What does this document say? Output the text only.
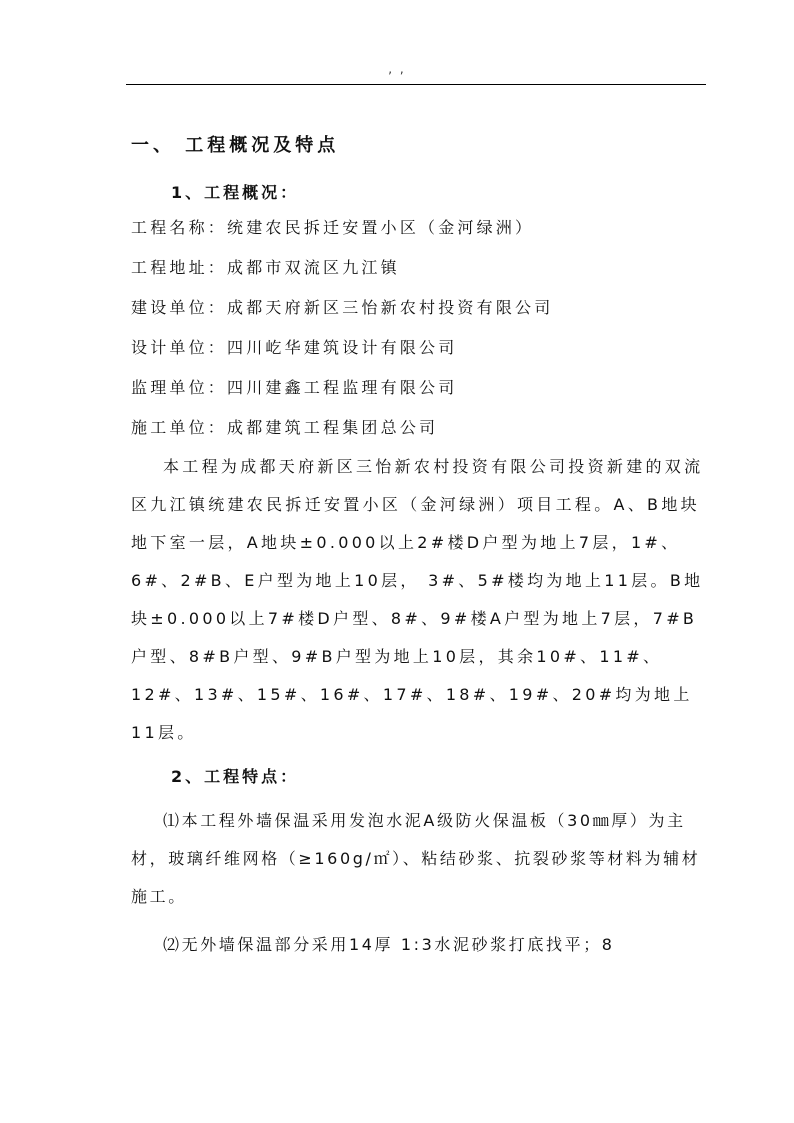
, ,
一、 工程概况及特点
1、工程概况：
工程名称：统建农民拆迁安置小区（金河绿洲）
工程地址：成都市双流区九江镇
建设单位：成都天府新区三怡新农村投资有限公司
设计单位：四川屹华建筑设计有限公司
监理单位：四川建鑫工程监理有限公司
施工单位：成都建筑工程集团总公司

本工程为成都天府新区三怡新农村投资有限公司投资新建的双流区九江镇统建农民拆迁安置小区（金河绿洲）项目工程。A、B地块地下室一层，A地块±0.000以上2#楼D户型为地上7层，1#、6#、2#B、E户型为地上10层， 3#、5#楼均为地上11层。B地块±0.000以上7#楼D户型、8#、9#楼A户型为地上7层，7#B户型、8#B户型、9#B户型为地上10层，其余10#、11#、12#、13#、15#、16#、17#、18#、19#、20#均为地上11层。

2、工程特点：

⑴本工程外墙保温采用发泡水泥A级防火保温板（30㎜厚）为主材，玻璃纤维网格（≥160g/㎡）、粘结砂浆、抗裂砂浆等材料为辅材施工。

⑵无外墙保温部分采用14厚 1:3水泥砂浆打底找平；8
